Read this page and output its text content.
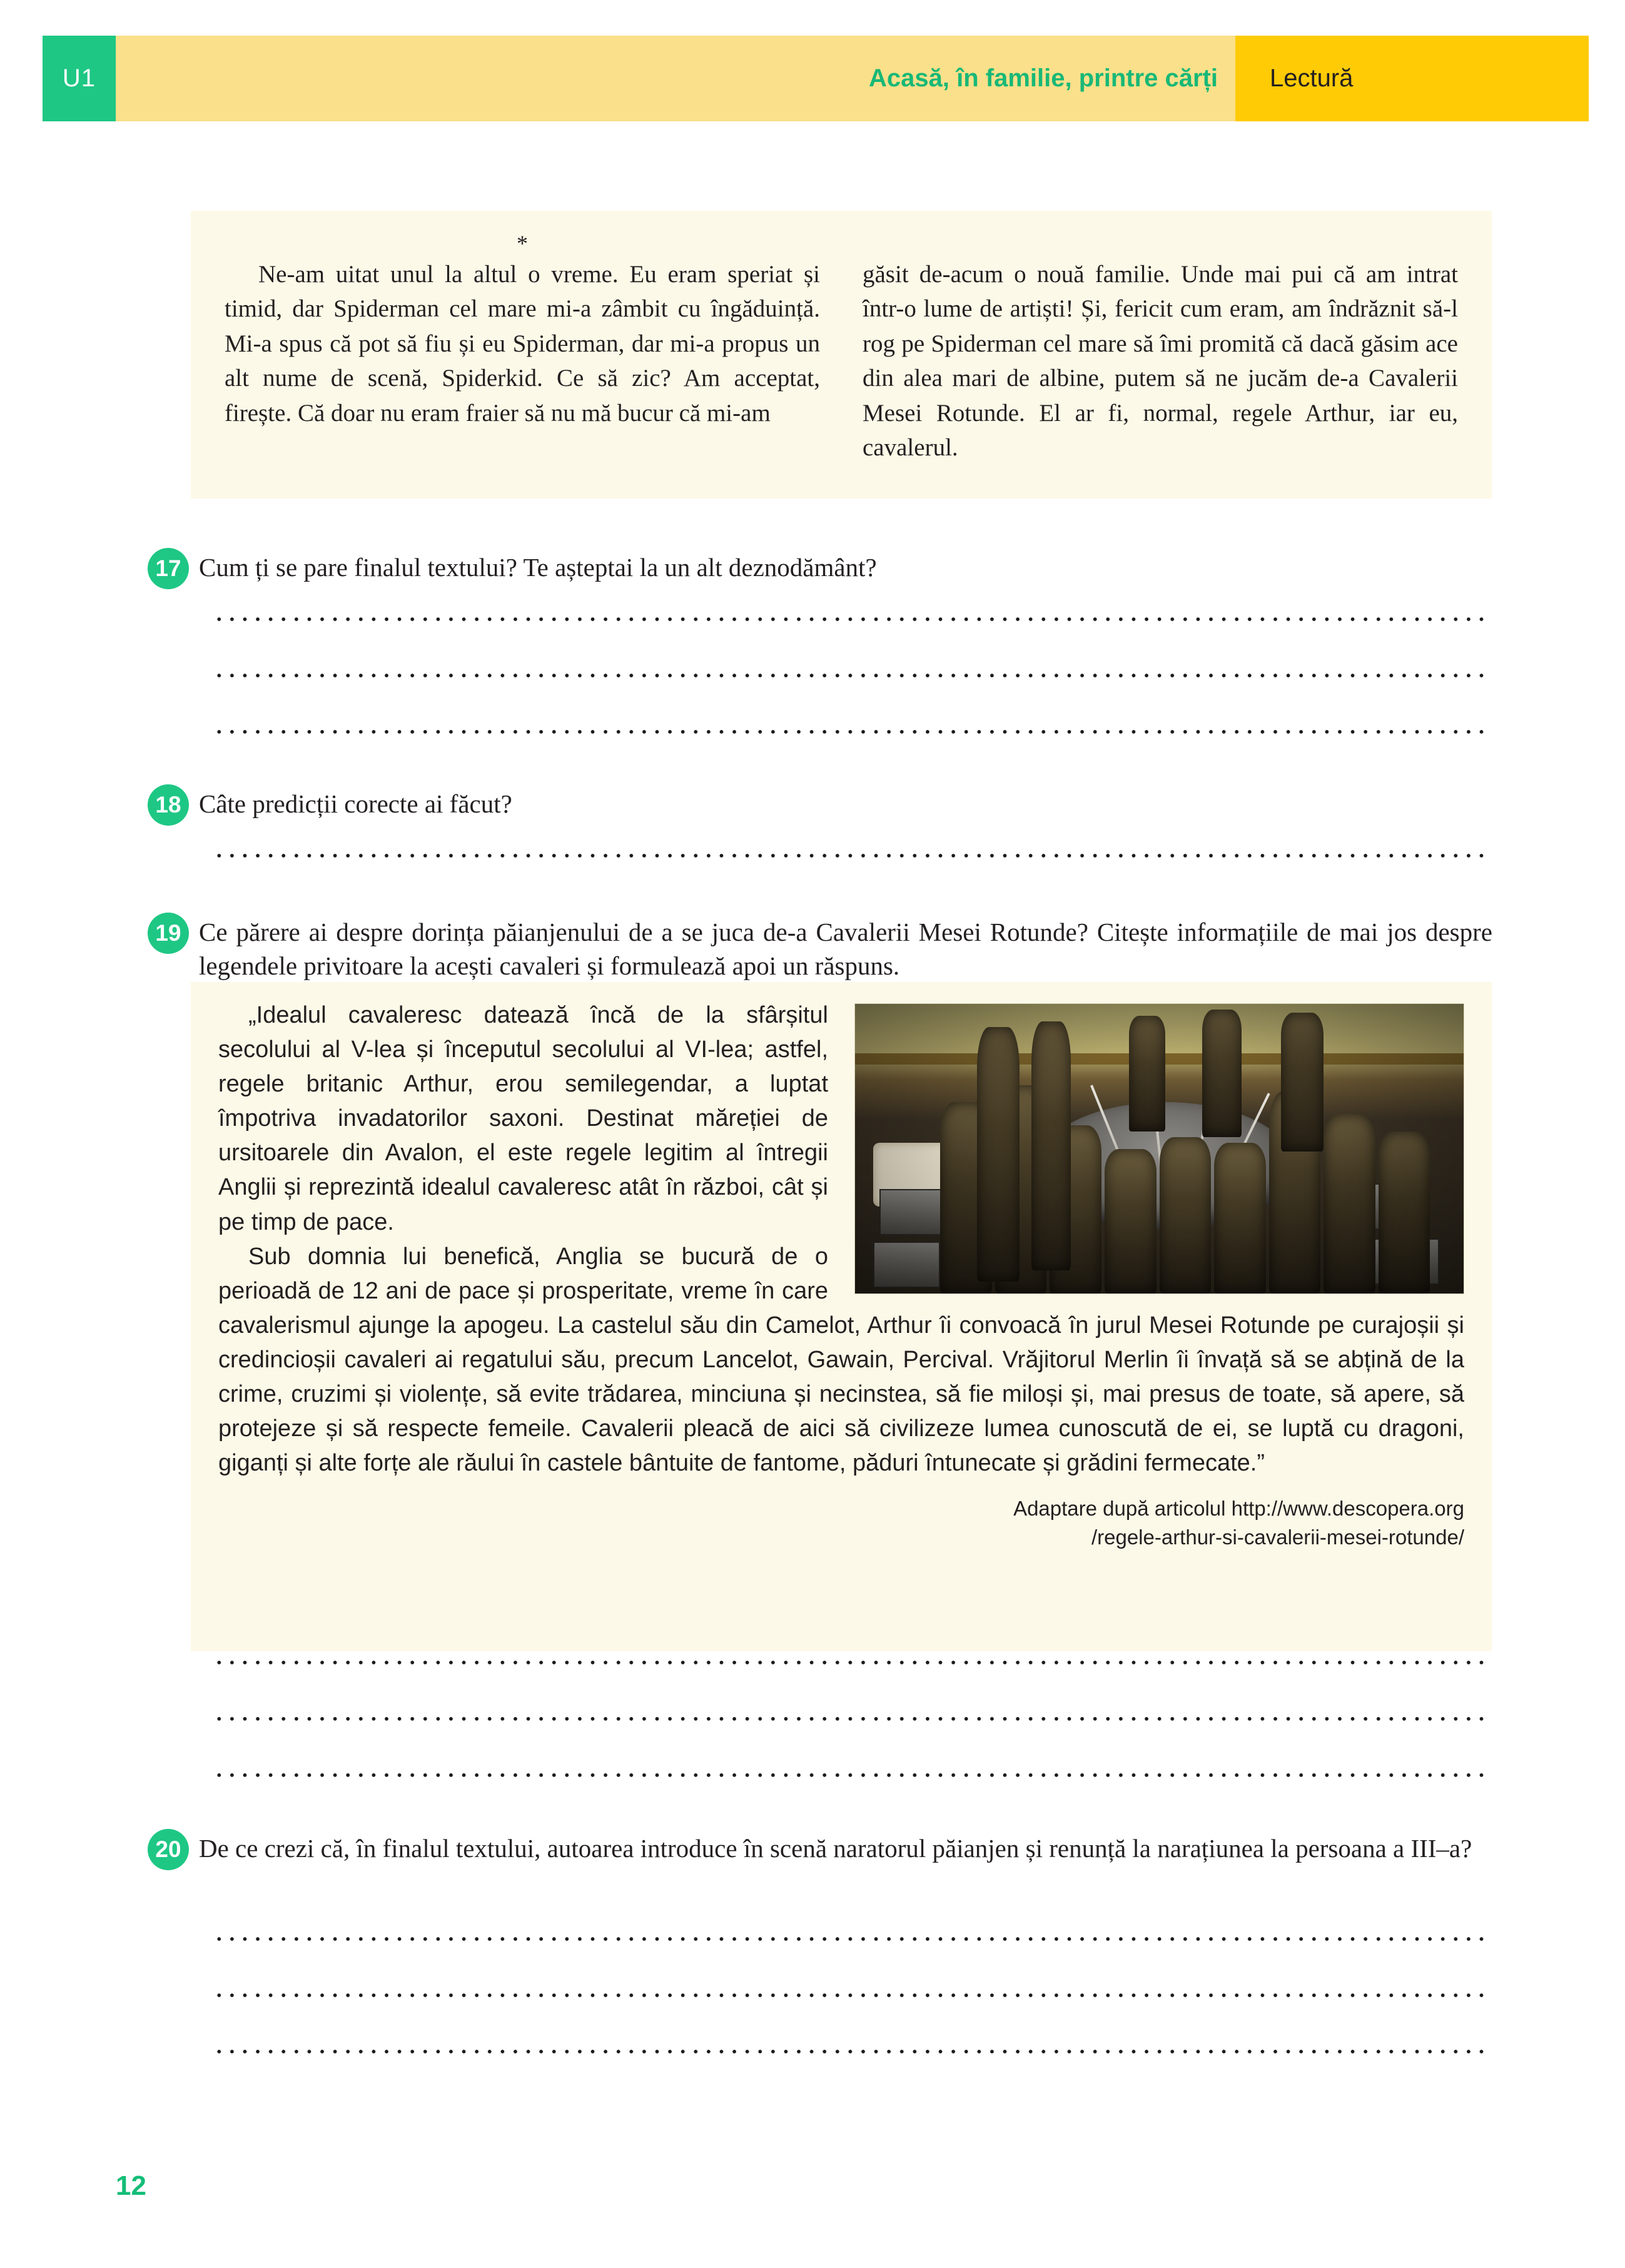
U1	Acasă, în familie, printre cărți	Lectură
*

Ne-am uitat unul la altul o vreme. Eu eram speriat și timid, dar Spiderman cel mare mi-a zâmbit cu îngăduință. Mi-a spus că pot să fiu și eu Spiderman, dar mi-a propus un alt nume de scenă, Spiderkid. Ce să zic? Am acceptat, firește. Că doar nu eram fraier să nu mă bucur că mi-am

găsit de-acum o nouă familie. Unde mai pui că am intrat într-o lume de artiști! Și, fericit cum eram, am îndrăznit să-l rog pe Spiderman cel mare să îmi promită că dacă găsim ace din alea mari de albine, putem să ne jucăm de-a Cavalerii Mesei Rotunde. El ar fi, normal, regele Arthur, iar eu, cavalerul.

17 Cum ți se pare finalul textului? Te așteptai la un alt deznodământ?
18 Câte predicții corecte ai făcut?
19 Ce părere ai despre dorința păianjenului de a se juca de-a Cavalerii Mesei Rotunde? Citește informațiile de mai jos despre legendele privitoare la acești cavaleri și formulează apoi un răspuns.

„Idealul cavaleresc datează încă de la sfârșitul secolului al V-lea și începutul secolului al VI-lea; astfel, regele britanic Arthur, erou semilegendar, a luptat împotriva invadatorilor saxoni. Destinat măreției de ursitoarele din Avalon, el este regele legitim al întregii Anglii și reprezintă idealul cavaleresc atât în război, cât și pe timp de pace.

Sub domnia lui benefică, Anglia se bucură de o perioadă de 12 ani de pace și prosperitate, vreme în care cavalerismul ajunge la apogeu. La castelul său din Camelot, Arthur îi convoacă în jurul Mesei Rotunde pe curajoșii și credincioșii cavaleri ai regatului său, precum Lancelot, Gawain, Percival. Vrăjitorul Merlin îi învață să se abțină de la crime, cruzimi și violențe, să evite trădarea, minciuna și necinstea, să fie miloși și, mai presus de toate, să apere, să protejeze și să respecte femeile. Cavalerii pleacă de aici să civilizeze lumea cunoscută de ei, se luptă cu dragoni, giganți și alte forțe ale răului în castele bântuite de fantome, păduri întunecate și grădini fermecate.”

Adaptare după articolul http://www.descopera.org

/regele-arthur-si-cavalerii-mesei-rotunde/

20 De ce crezi că, în finalul textului, autoarea introduce în scenă naratorul păianjen și renunță la narațiunea la persoana a III–a?
12
